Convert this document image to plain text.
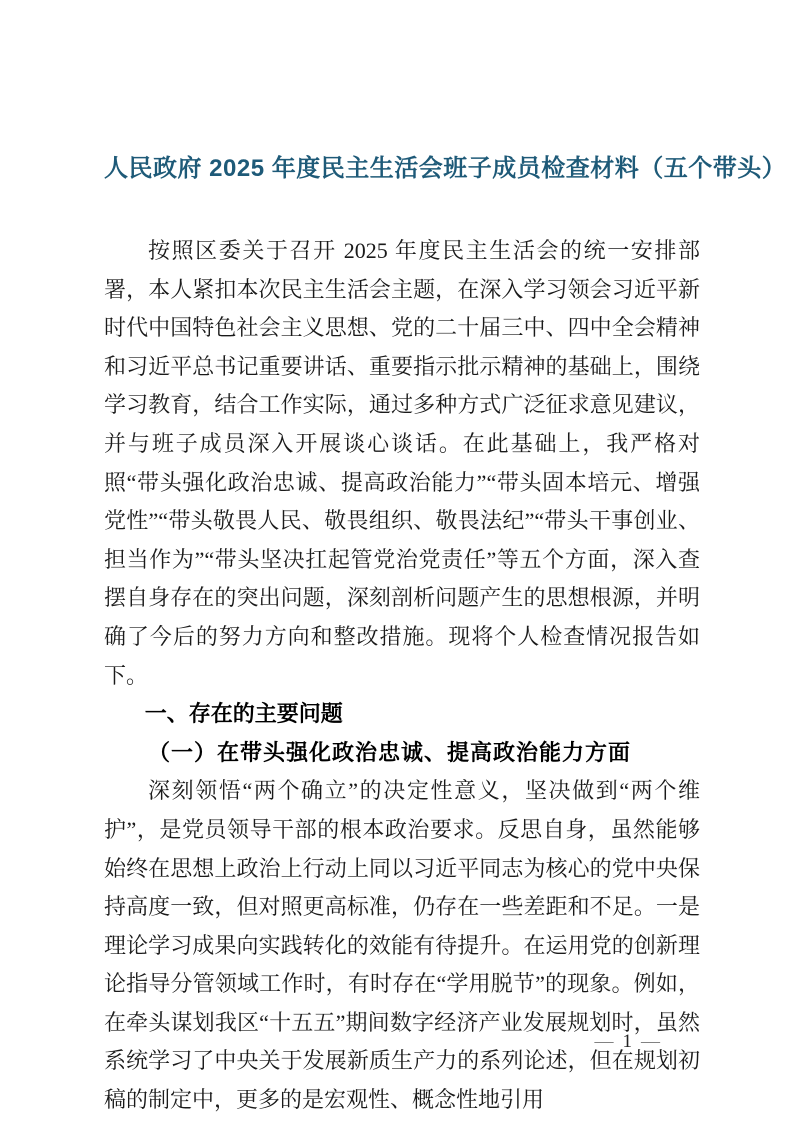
人民政府 2025 年度民主生活会班子成员检查材料（五个带头）

按照区委关于召开 2025 年度民主生活会的统一安排部署，本人紧扣本次民主生活会主题，在深入学习领会习近平新时代中国特色社会主义思想、党的二十届三中、四中全会精神和习近平总书记重要讲话、重要指示批示精神的基础上，围绕学习教育，结合工作实际，通过多种方式广泛征求意见建议，并与班子成员深入开展谈心谈话。在此基础上，我严格对照“带头强化政治忠诚、提高政治能力”“带头固本培元、增强党性”“带头敬畏人民、敬畏组织、敬畏法纪”“带头干事创业、担当作为”“带头坚决扛起管党治党责任”等五个方面，深入查摆自身存在的突出问题，深刻剖析问题产生的思想根源，并明确了今后的努力方向和整改措施。现将个人检查情况报告如下。

一、存在的主要问题
（一）在带头强化政治忠诚、提高政治能力方面

深刻领悟“两个确立”的决定性意义，坚决做到“两个维护”，是党员领导干部的根本政治要求。反思自身，虽然能够始终在思想上政治上行动上同以习近平同志为核心的党中央保持高度一致，但对照更高标准，仍存在一些差距和不足。一是理论学习成果向实践转化的效能有待提升。在运用党的创新理论指导分管领域工作时，有时存在“学用脱节”的现象。例如，在牵头谋划我区“十五五”期间数字经济产业发展规划时，虽然系统学习了中央关于发展新质生产力的系列论述，但在规划初稿的制定中，更多的是宏观性、概念性地引用

— 1 —
